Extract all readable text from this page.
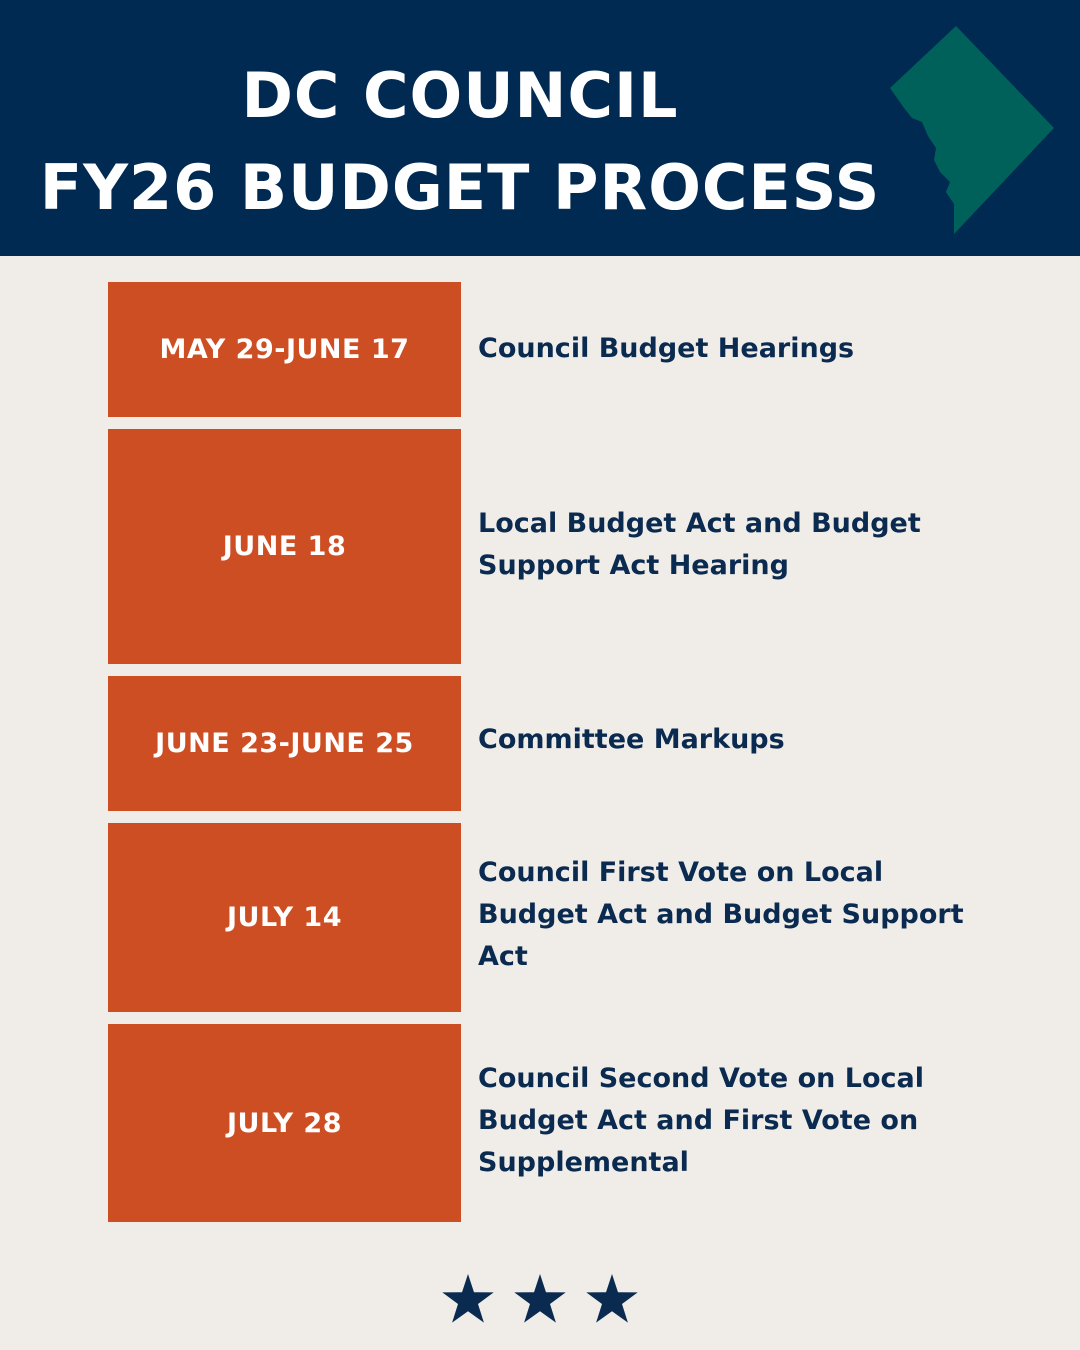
DC COUNCIL
FY26 BUDGET PROCESS
MAY 29-JUNE 17	Council Budget Hearings
JUNE 18
Local Budget Act and Budget Support Act Hearing
JUNE 23-JUNE 25	Committee Markups
JULY 14
Council First Vote on Local Budget Act and Budget Support Act
JULY 28
Council Second Vote on Local Budget Act and First Vote on Supplemental
